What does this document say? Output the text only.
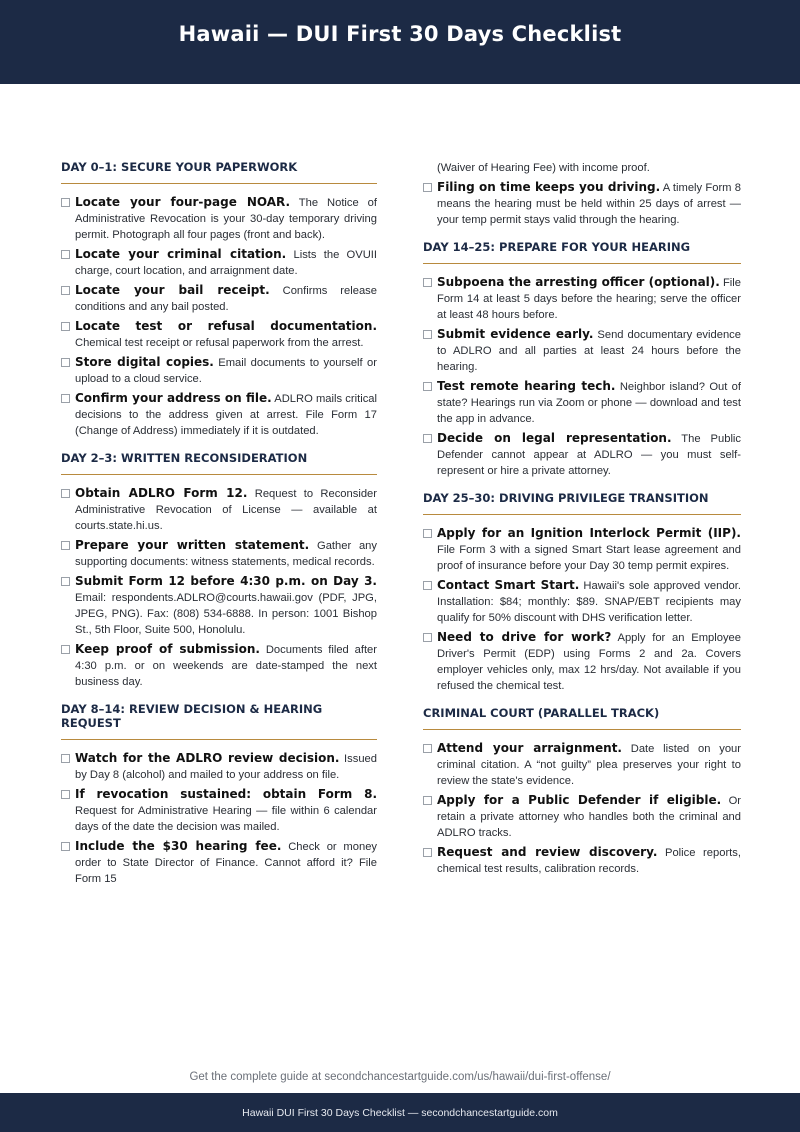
Hawaii — DUI First 30 Days Checklist
DAY 0–1: SECURE YOUR PAPERWORK
Locate your four-page NOAR. The Notice of Administrative Revocation is your 30-day temporary driving permit. Photograph all four pages (front and back).
Locate your criminal citation. Lists the OVUII charge, court location, and arraignment date.
Locate your bail receipt. Confirms release conditions and any bail posted.
Locate test or refusal documentation. Chemical test receipt or refusal paperwork from the arrest.
Store digital copies. Email documents to yourself or upload to a cloud service.
Confirm your address on file. ADLRO mails critical decisions to the address given at arrest. File Form 17 (Change of Address) immediately if it is outdated.
DAY 2–3: WRITTEN RECONSIDERATION
Obtain ADLRO Form 12. Request to Reconsider Administrative Revocation of License — available at courts.state.hi.us.
Prepare your written statement. Gather any supporting documents: witness statements, medical records.
Submit Form 12 before 4:30 p.m. on Day 3. Email: respondents.ADLRO@courts.hawaii.gov (PDF, JPG, JPEG, PNG). Fax: (808) 534-6888. In person: 1001 Bishop St., 5th Floor, Suite 500, Honolulu.
Keep proof of submission. Documents filed after 4:30 p.m. or on weekends are date-stamped the next business day.
DAY 8–14: REVIEW DECISION & HEARING REQUEST
Watch for the ADLRO review decision. Issued by Day 8 (alcohol) and mailed to your address on file.
If revocation sustained: obtain Form 8. Request for Administrative Hearing — file within 6 calendar days of the date the decision was mailed.
Include the $30 hearing fee. Check or money order to State Director of Finance. Cannot afford it? File Form 15
(Waiver of Hearing Fee) with income proof.
Filing on time keeps you driving. A timely Form 8 means the hearing must be held within 25 days of arrest — your temp permit stays valid through the hearing.
DAY 14–25: PREPARE FOR YOUR HEARING
Subpoena the arresting officer (optional). File Form 14 at least 5 days before the hearing; serve the officer at least 48 hours before.
Submit evidence early. Send documentary evidence to ADLRO and all parties at least 24 hours before the hearing.
Test remote hearing tech. Neighbor island? Out of state? Hearings run via Zoom or phone — download and test the app in advance.
Decide on legal representation. The Public Defender cannot appear at ADLRO — you must self-represent or hire a private attorney.
DAY 25–30: DRIVING PRIVILEGE TRANSITION
Apply for an Ignition Interlock Permit (IIP). File Form 3 with a signed Smart Start lease agreement and proof of insurance before your Day 30 temp permit expires.
Contact Smart Start. Hawaii's sole approved vendor. Installation: $84; monthly: $89. SNAP/EBT recipients may qualify for 50% discount with DHS verification letter.
Need to drive for work? Apply for an Employee Driver's Permit (EDP) using Forms 2 and 2a. Covers employer vehicles only, max 12 hrs/day. Not available if you refused the chemical test.
CRIMINAL COURT (PARALLEL TRACK)
Attend your arraignment. Date listed on your criminal citation. A “not guilty” plea preserves your right to review the state's evidence.
Apply for a Public Defender if eligible. Or retain a private attorney who handles both the criminal and ADLRO tracks.
Request and review discovery. Police reports, chemical test results, calibration records.
Get the complete guide at secondchancestartguide.com/us/hawaii/dui-first-offense/
Hawaii DUI First 30 Days Checklist — secondchancestartguide.com
